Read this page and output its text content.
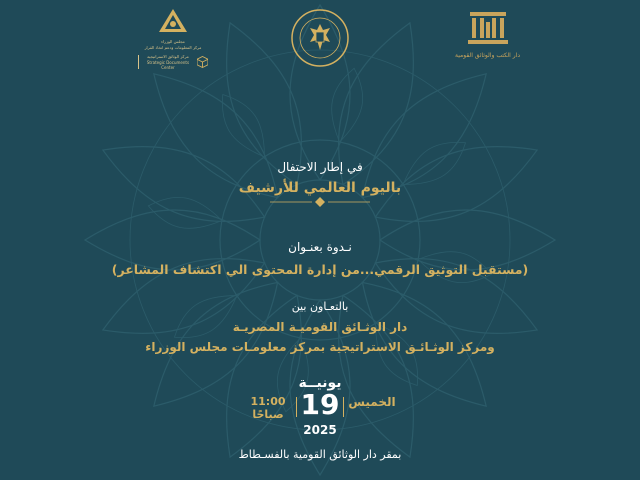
مجلس الوزراء
مركز المعلومات ودعم اتخاذ القرار
مركز الوثائق الاستراتيجية
Strategic Documents Center
دار الكتب والوثائق القومية
في إطار الاحتفال
باليوم العالمي للأرشيف
نـدوة بعنـوان
(مستقبل التوثيق الرقمي...من إدارة المحتوى الي اكتشاف المشاعر)
بالتعـاون بين
دار الوثـائق القوميـة المصريـة
ومركز الوثـائـق الاستراتيجية بمركز معلومـات مجلس الوزراء
يونيــة
11:00 صباحًا 19 الخميس
2025
بمقر دار الوثائق القومية بالفسـطاط
